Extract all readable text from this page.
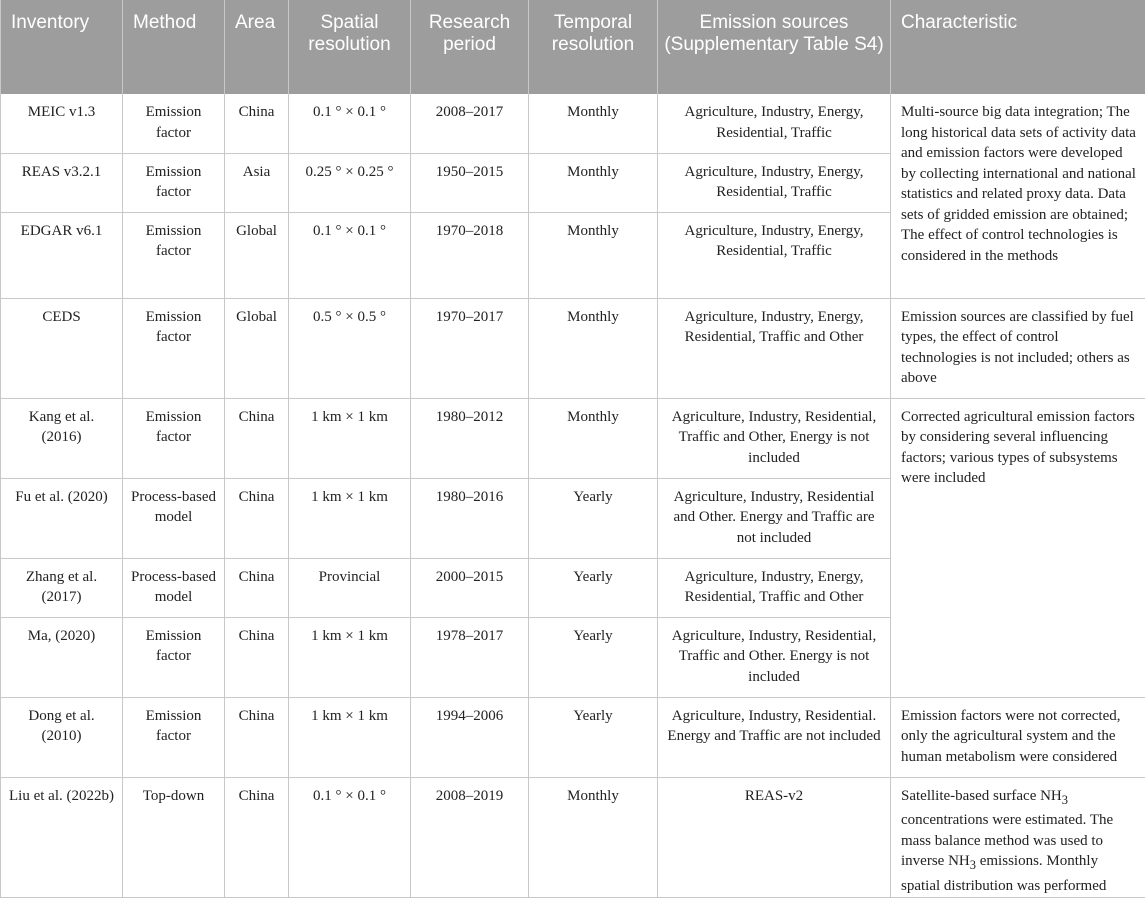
Inventory	Method	Area	Spatial resolution	Research period	Temporal resolution	Emission sources (Supplementary Table S4)	Characteristic
MEIC v1.3	Emission factor	China	0.1 ° × 0.1 °	2008–2017	Monthly	Agriculture, Industry, Energy, Residential, Traffic	Multi-source big data integration; The long historical data sets of activity data and emission factors were developed by collecting international and national statistics and related proxy data. Data sets of gridded emission are obtained; The effect of control technologies is considered in the methods
REAS v3.2.1	Emission factor	Asia	0.25 ° × 0.25 °	1950–2015	Monthly	Agriculture, Industry, Energy, Residential, Traffic	
EDGAR v6.1	Emission factor	Global	0.1 ° × 0.1 °	1970–2018	Monthly	Agriculture, Industry, Energy, Residential, Traffic	
CEDS	Emission factor	Global	0.5 ° × 0.5 °	1970–2017	Monthly	Agriculture, Industry, Energy, Residential, Traffic and Other	Emission sources are classified by fuel types, the effect of control technologies is not included; others as above
Kang et al. (2016)	Emission factor	China	1 km × 1 km	1980–2012	Monthly	Agriculture, Industry, Residential, Traffic and Other, Energy is not included	Corrected agricultural emission factors by considering several influencing factors; various types of subsystems were included
Fu et al. (2020)	Process-based model	China	1 km × 1 km	1980–2016	Yearly	Agriculture, Industry, Residential and Other. Energy and Traffic are not included	
Zhang et al. (2017)	Process-based model	China	Provincial	2000–2015	Yearly	Agriculture, Industry, Energy, Residential, Traffic and Other	
Ma, (2020)	Emission factor	China	1 km × 1 km	1978–2017	Yearly	Agriculture, Industry, Residential, Traffic and Other. Energy is not included	
Dong et al. (2010)	Emission factor	China	1 km × 1 km	1994–2006	Yearly	Agriculture, Industry, Residential. Energy and Traffic are not included	Emission factors were not corrected, only the agricultural system and the human metabolism were considered
Liu et al. (2022b)	Top-down	China	0.1 ° × 0.1 °	2008–2019	Monthly	REAS-v2	Satellite-based surface $NH_3$ concentrations were estimated. The mass balance method was used to inverse $NH_3$ emissions. Monthly spatial distribution was performed
